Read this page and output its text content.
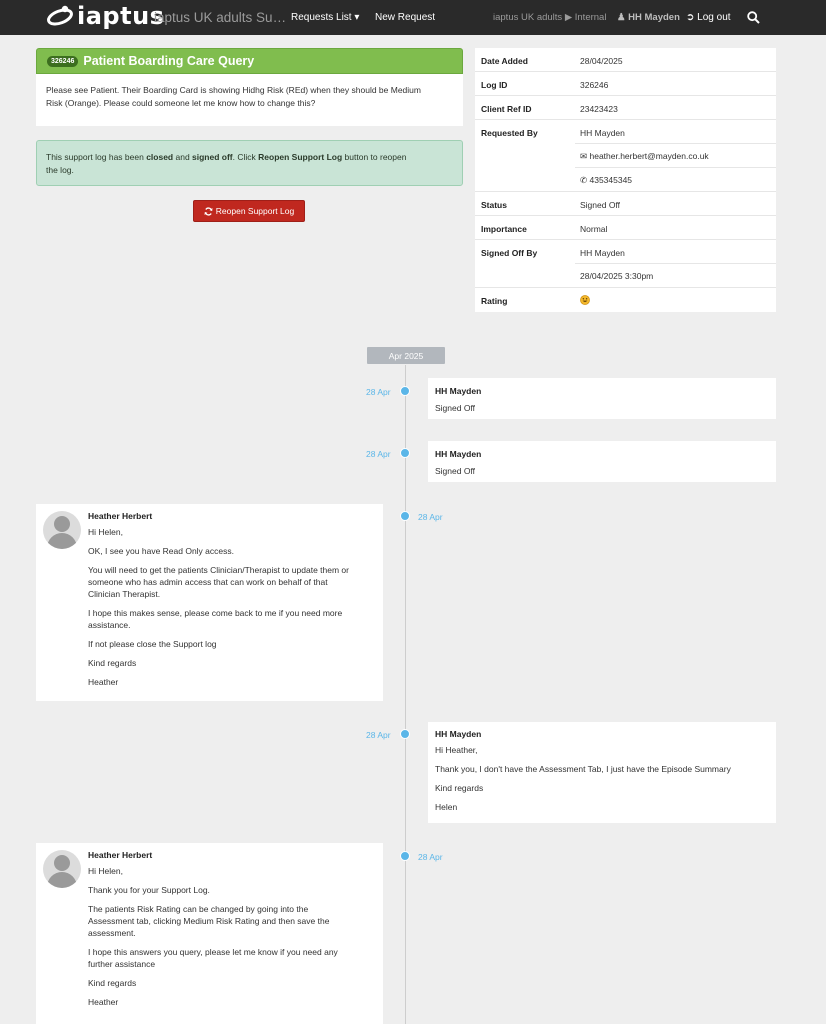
iaptus
iaptus UK adults Su… Requests List ▾ New Request	iaptus UK adults ▶ Internal ♟ HH Mayden ➲ Log out
326246 Patient Boarding Care Query
Please see Patient. Their Boarding Card is showing Hidhg Risk (REd) when they should be Medium
Risk (Orange). Please could someone let me know how to change this?
This support log has been closed and signed off. Click Reopen Support Log button to reopen
the log.
Reopen Support Log
Date Added	28/04/2025
Log ID	326246
Client Ref ID	23423423
Requested By	HH Mayden
✉ heather.herbert@mayden.co.uk
✆ 435345345
Status	Signed Off
Importance	Normal
Signed Off By	HH Mayden
28/04/2025 3:30pm
Rating
Apr 2025
28 Apr	HH Mayden
Signed Off
28 Apr	HH Mayden
Signed Off
28 Apr
Heather Herbert

Hi Helen,

OK, I see you have Read Only access.

You will need to get the patients Clinician/Therapist to update them or
someone who has admin access that can work on behalf of that
Clinician Therapist.

I hope this makes sense, please come back to me if you need more
assistance.

If not please close the Support log

Kind regards

Heather

28 Apr	HH Mayden

Hi Heather,

Thank you, I don't have the Assessment Tab, I just have the Episode Summary

Kind regards

Helen

28 Apr
Heather Herbert

Hi Helen,

Thank you for your Support Log.

The patients Risk Rating can be changed by going into the
Assessment tab, clicking Medium Risk Rating and then save the
assessment.

I hope this answers you query, please let me know if you need any
further assistance

Kind regards

Heather
